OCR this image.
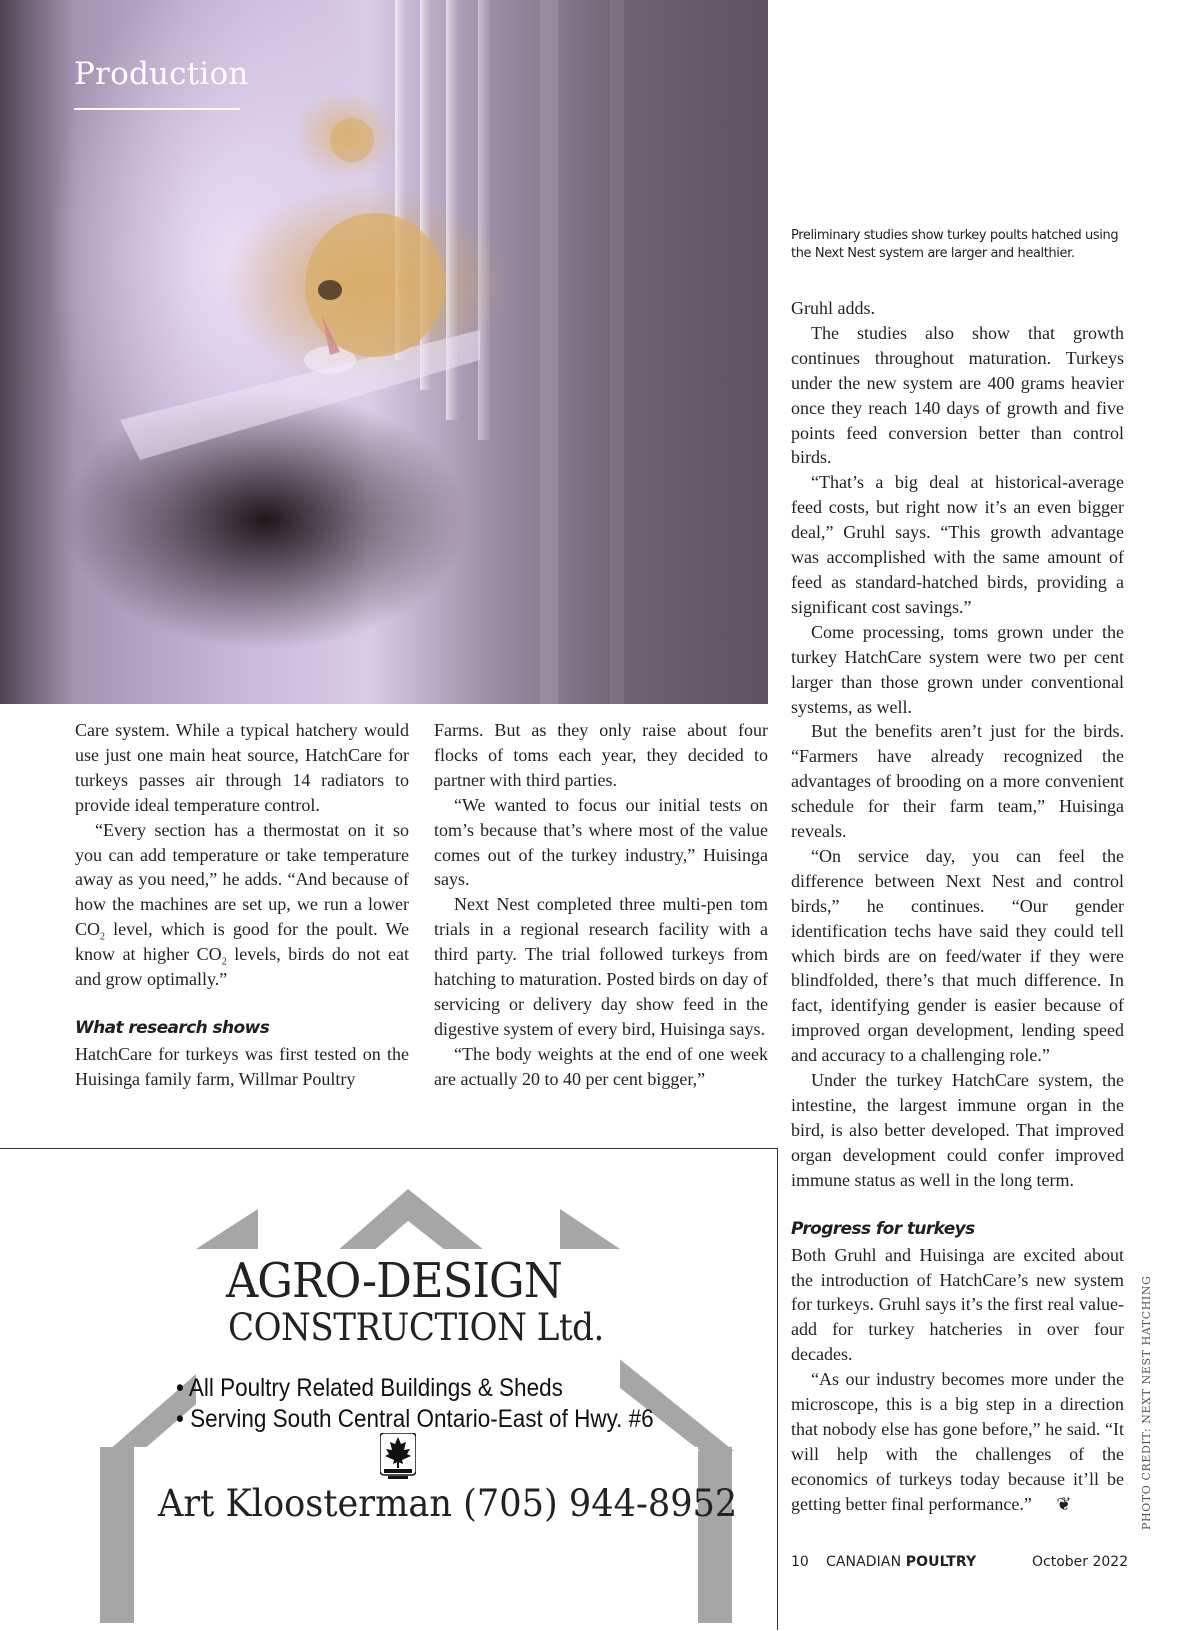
Production
Preliminary studies show turkey poults hatched using the Next Nest system are larger and healthier.

Care system. While a typical hatchery would use just one main heat source, HatchCare for turkeys passes air through 14 radiators to provide ideal temperature control.

“Every section has a thermostat on it so you can add temperature or take temperature away as you need,” he adds. “And because of how the machines are set up, we run a lower $CO_2$ level, which is good for the poult. We know at higher $CO_2$ levels, birds do not eat and grow optimally.”

What research shows

HatchCare for turkeys was first tested on the Huisinga family farm, Willmar Poultry

Farms. But as they only raise about four flocks of toms each year, they decided to partner with third parties.

“We wanted to focus our initial tests on tom’s because that’s where most of the value comes out of the turkey industry,” Huisinga says.

Next Nest completed three multi-pen tom trials in a regional research facility with a third party. The trial followed turkeys from hatching to maturation. Posted birds on day of servicing or delivery day show feed in the digestive system of every bird, Huisinga says.

“The body weights at the end of one week are actually 20 to 40 per cent bigger,”

Gruhl adds.

The studies also show that growth continues throughout maturation. Turkeys under the new system are 400 grams heavier once they reach 140 days of growth and five points feed conversion better than control birds.

“That’s a big deal at historical-average feed costs, but right now it’s an even bigger deal,” Gruhl says. “This growth advantage was accomplished with the same amount of feed as standard-hatched birds, providing a significant cost savings.”

Come processing, toms grown under the turkey HatchCare system were two per cent larger than those grown under conventional systems, as well.

But the benefits aren’t just for the birds. “Farmers have already recognized the advantages of brooding on a more convenient schedule for their farm team,” Huisinga reveals.

“On service day, you can feel the difference between Next Nest and control birds,” he continues. “Our gender identification techs have said they could tell which birds are on feed/water if they were blindfolded, there’s that much difference. In fact, identifying gender is easier because of improved organ development, lending speed and accuracy to a challenging role.”

Under the turkey HatchCare system, the intestine, the largest immune organ in the bird, is also better developed. That improved organ development could confer improved immune status as well in the long term.

Progress for turkeys

Both Gruhl and Huisinga are excited about the introduction of HatchCare’s new system for turkeys. Gruhl says it’s the first real value-add for turkey hatcheries in over four decades.

“As our industry becomes more under the microscope, this is a big step in a direction that nobody else has gone before,” he said. “It will help with the challenges of the economics of turkeys today because it’ll be getting better final performance.” ❦

10 CANADIAN POULTRY	October 2022
PHOTO CREDIT: NEXT NEST HATCHING
AGRO-DESIGN
CONSTRUCTION Ltd.
• All Poultry Related Buildings & Sheds
• Serving South Central Ontario-East of Hwy. #6
Art Kloosterman (705) 944-8952
